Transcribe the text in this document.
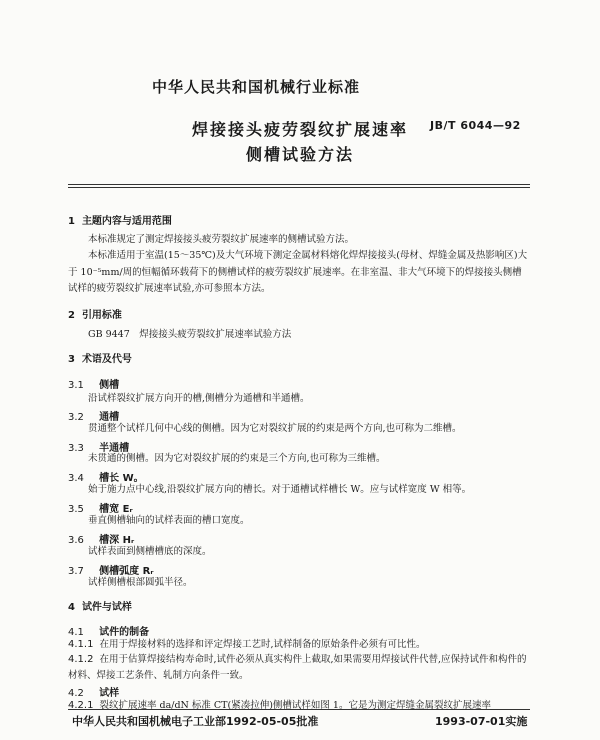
中华人民共和国机械行业标准
焊接接头疲劳裂纹扩展速率
侧槽试验方法
JB/T 6044—92
1 主题内容与适用范围
本标准规定了测定焊接接头疲劳裂纹扩展速率的侧槽试验方法。
本标准适用于室温(15～35℃)及大气环境下测定金属材料熔化焊焊接接头(母材、焊缝金属及热影响区)大于 10⁻⁵mm/周的恒幅循环载荷下的侧槽试样的疲劳裂纹扩展速率。在非室温、非大气环境下的焊接接头侧槽试样的疲劳裂纹扩展速率试验,亦可参照本方法。
2 引用标准
GB 9447　焊接接头疲劳裂纹扩展速率试验方法
3 术语及代号
3.1 侧槽
沿试样裂纹扩展方向开的槽,侧槽分为通槽和半通槽。
3.2 通槽
贯通整个试样几何中心线的侧槽。因为它对裂纹扩展的约束是两个方向,也可称为二维槽。
3.3 半通槽
未贯通的侧槽。因为它对裂纹扩展的约束是三个方向,也可称为三维槽。
3.4 槽长 W。
始于施力点中心线,沿裂纹扩展方向的槽长。对于通槽试样槽长 W。应与试样宽度 W 相等。
3.5 槽宽 Eᵣ
垂直侧槽轴向的试样表面的槽口宽度。
3.6 槽深 Hᵣ
试样表面到侧槽槽底的深度。
3.7 侧槽弧度 Rᵣ
试样侧槽根部圆弧半径。
4 试件与试样
4.1 试件的制备
4.1.1 在用于焊接材料的选择和评定焊接工艺时,试样制备的原始条件必须有可比性。
4.1.2 在用于估算焊接结构寿命时,试件必须从真实构件上截取,如果需要用焊接试件代替,应保持试件和构件的材料、焊接工艺条件、轧制方向条件一致。
4.2 试样
4.2.1 裂纹扩展速率 da/dN 标准 CT(紧凑拉伸)侧槽试样如图 1。它是为测定焊缝金属裂纹扩展速率
中华人民共和国机械电子工业部1992-05-05批准	1993-07-01实施
